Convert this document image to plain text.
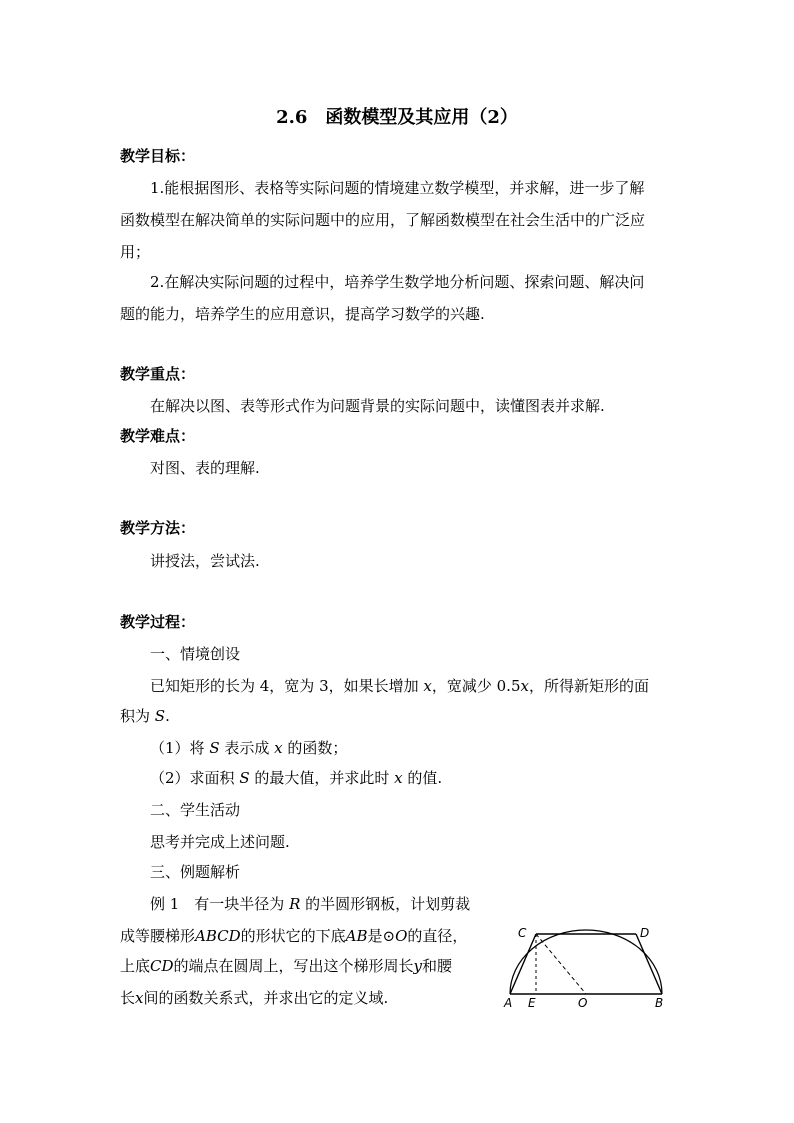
2.6　函数模型及其应用（2）
教学目标：
1.能根据图形、表格等实际问题的情境建立数学模型，并求解，进一步了解
函数模型在解决简单的实际问题中的应用，了解函数模型在社会生活中的广泛应
用；
2.在解决实际问题的过程中，培养学生数学地分析问题、探索问题、解决问
题的能力，培养学生的应用意识，提高学习数学的兴趣.
教学重点：
在解决以图、表等形式作为问题背景的实际问题中，读懂图表并求解.
教学难点：
对图、表的理解.
教学方法：
讲授法，尝试法.
教学过程：
一、情境创设
已知矩形的长为 4，宽为 3，如果长增加 x，宽减少 0.5x，所得新矩形的面
积为 S.
（1）将 S 表示成 x 的函数；
（2）求面积 S 的最大值，并求此时 x 的值.
二、学生活动
思考并完成上述问题.
三、例题解析
例 1　有一块半径为 R 的半圆形钢板，计划剪裁
成等腰梯形ABCD的形状它的下底AB是⊙O的直径，
上底CD的端点在圆周上，写出这个梯形周长y和腰
长x间的函数关系式，并求出它的定义域.
C	D
A E	O	B
